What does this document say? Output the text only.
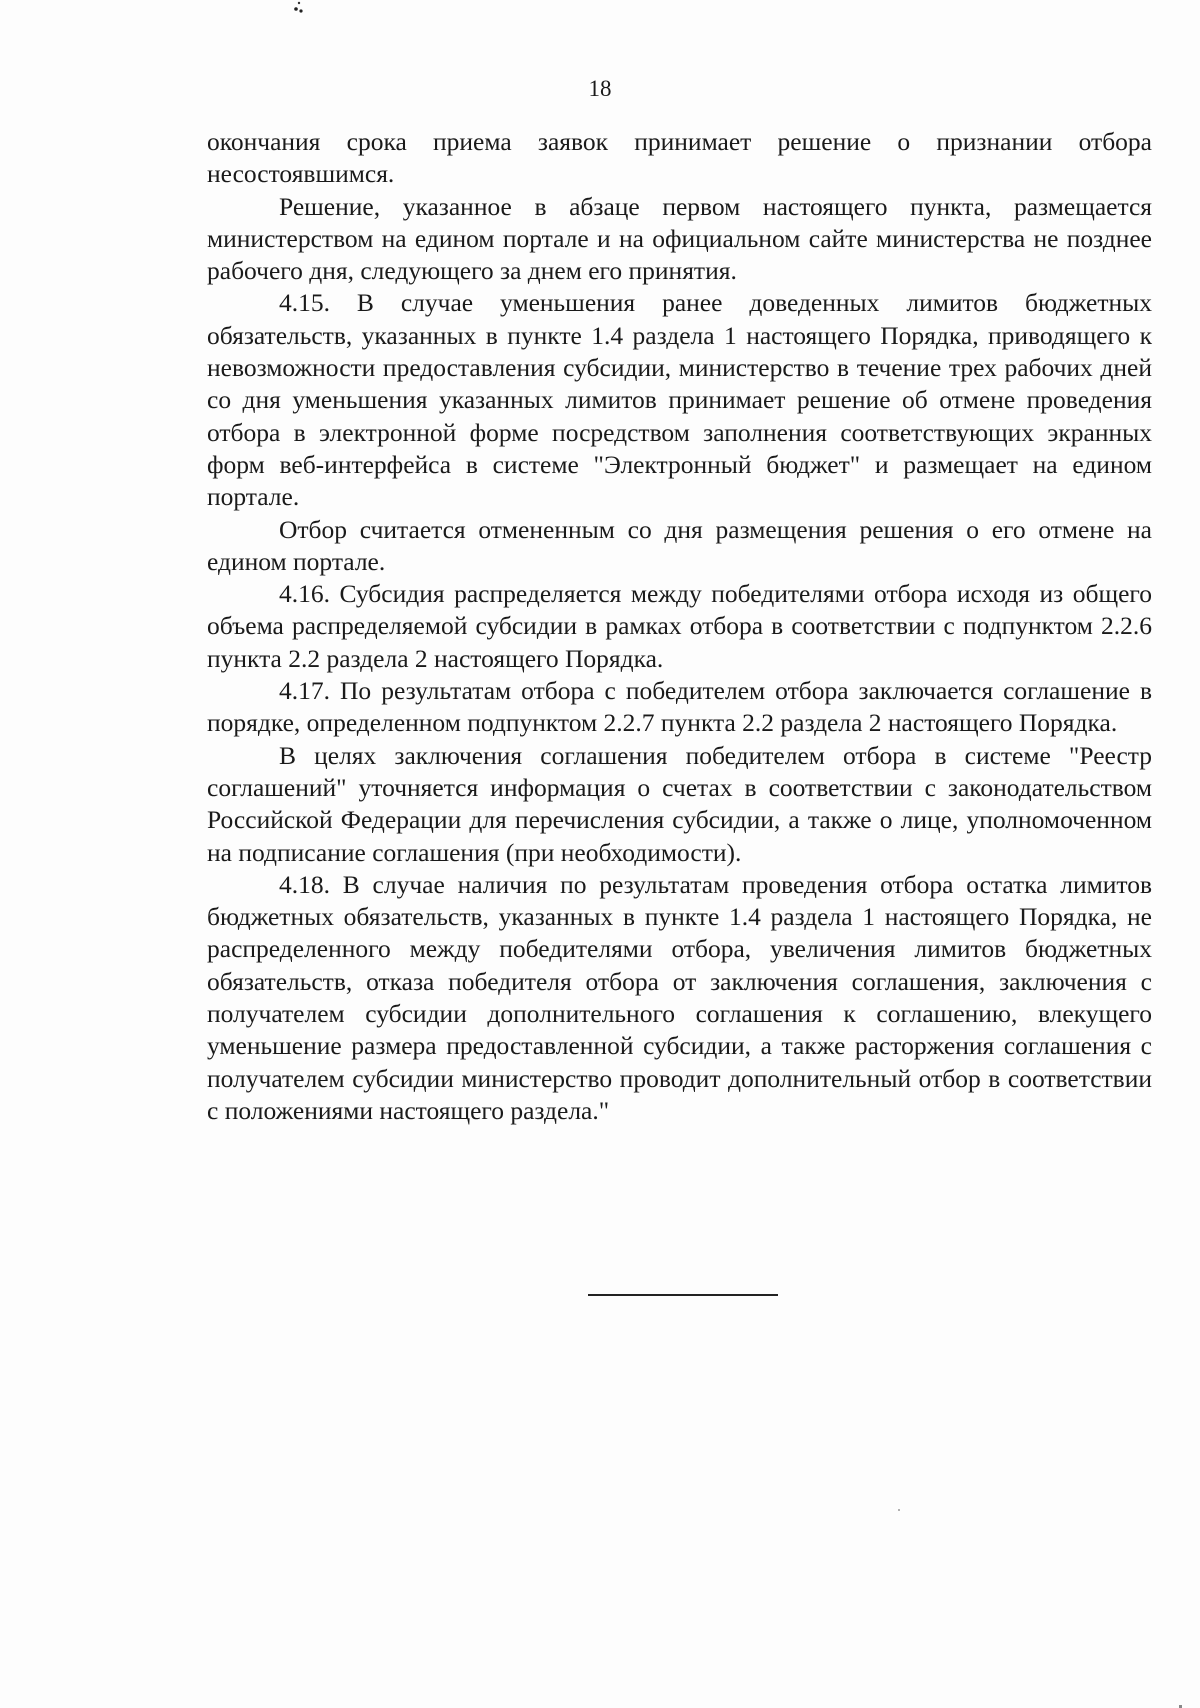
18

окончания срока приема заявок принимает решение о признании отбора несостоявшимся.

Решение, указанное в абзаце первом настоящего пункта, размещается министерством на едином портале и на официальном сайте министерства не позднее рабочего дня, следующего за днем его принятия.

4.15. В случае уменьшения ранее доведенных лимитов бюджетных обязательств, указанных в пункте 1.4 раздела 1 настоящего Порядка, приводящего к невозможности предоставления субсидии, министерство в течение трех рабочих дней со дня уменьшения указанных лимитов принимает решение об отмене проведения отбора в электронной форме посредством заполнения соответствующих экранных форм веб-интерфейса в системе "Электронный бюджет" и размещает на едином портале.

Отбор считается отмененным со дня размещения решения о его отмене на едином портале.

4.16. Субсидия распределяется между победителями отбора исходя из общего объема распределяемой субсидии в рамках отбора в соответствии с подпунктом 2.2.6 пункта 2.2 раздела 2 настоящего Порядка.

4.17. По результатам отбора с победителем отбора заключается соглашение в порядке, определенном подпунктом 2.2.7 пункта 2.2 раздела 2 настоящего Порядка.

В целях заключения соглашения победителем отбора в системе "Реестр соглашений" уточняется информация о счетах в соответствии с законодательством Российской Федерации для перечисления субсидии, а также о лице, уполномоченном на подписание соглашения (при необходимости).

4.18. В случае наличия по результатам проведения отбора остатка лимитов бюджетных обязательств, указанных в пункте 1.4 раздела 1 настоящего Порядка, не распределенного между победителями отбора, увеличения лимитов бюджетных обязательств, отказа победителя отбора от заключения соглашения, заключения с получателем субсидии дополнительного соглашения к соглашению, влекущего уменьшение размера предоставленной субсидии, а также расторжения соглашения с получателем субсидии министерство проводит дополнительный отбор в соответствии с положениями настоящего раздела."
